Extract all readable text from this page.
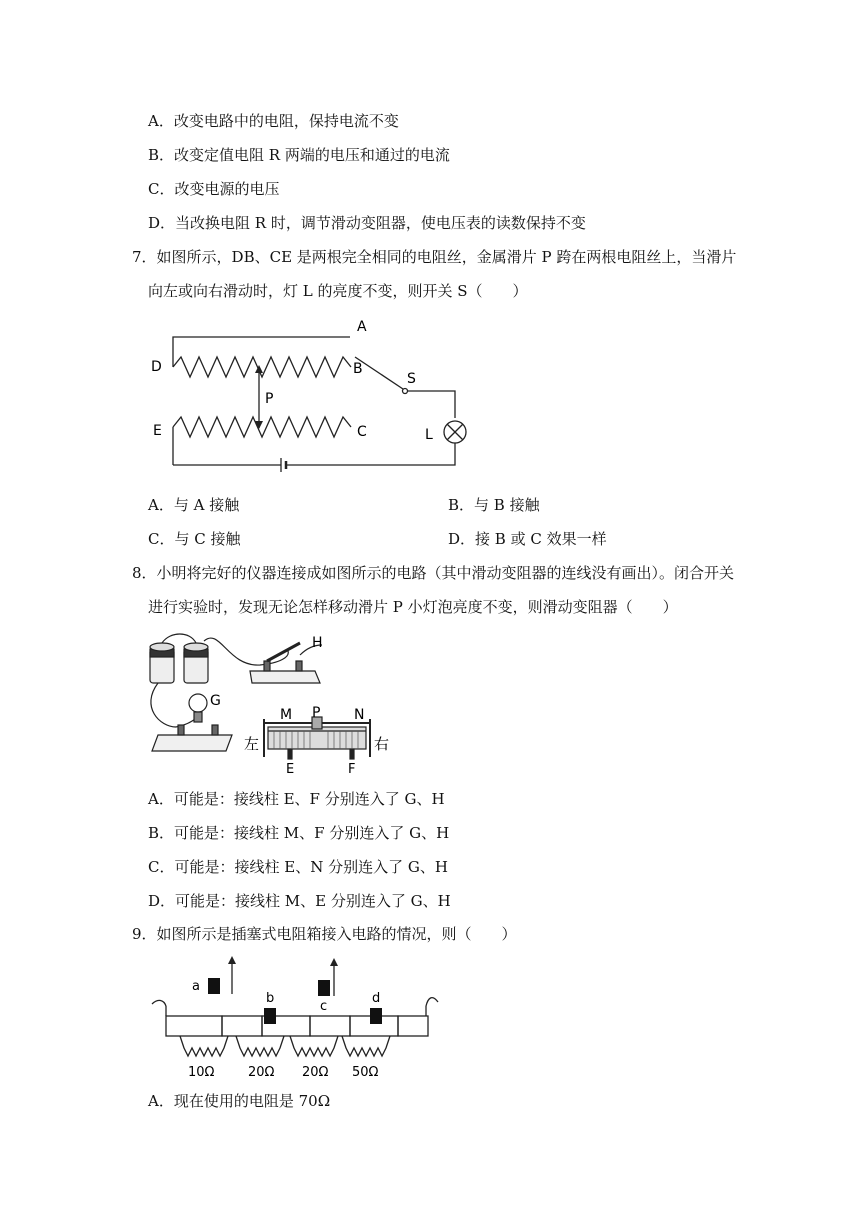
A．改变电路中的电阻，保持电流不变
B．改变定值电阻 R 两端的电压和通过的电流
C．改变电源的电压
D．当改换电阻 R 时，调节滑动变阻器，使电压表的读数保持不变
7．如图所示，DB、CE 是两根完全相同的电阻丝，金属滑片 P 跨在两根电阻丝上，当滑片
向左或向右滑动时，灯 L 的亮度不变，则开关 S（　　）
A
D	B
S
P
E	C	L
A．与 A 接触	B．与 B 接触
C．与 C 接触	D．接 B 或 C 效果一样
8．小明将完好的仪器连接成如图所示的电路（其中滑动变阻器的连线没有画出）。闭合开关
进行实验时，发现无论怎样移动滑片 P 小灯泡亮度不变，则滑动变阻器（　　）
H
G
M P N
左	右
E	F
A．可能是：接线柱 E、F 分别连入了 G、H
B．可能是：接线柱 M、F 分别连入了 G、H
C．可能是：接线柱 E、N 分别连入了 G、H
D．可能是：接线柱 M、E 分别连入了 G、H
9．如图所示是插塞式电阻箱接入电路的情况，则（　　）
a
b
c
d
10Ω	20Ω 20Ω 50Ω
A．现在使用的电阻是 70Ω
